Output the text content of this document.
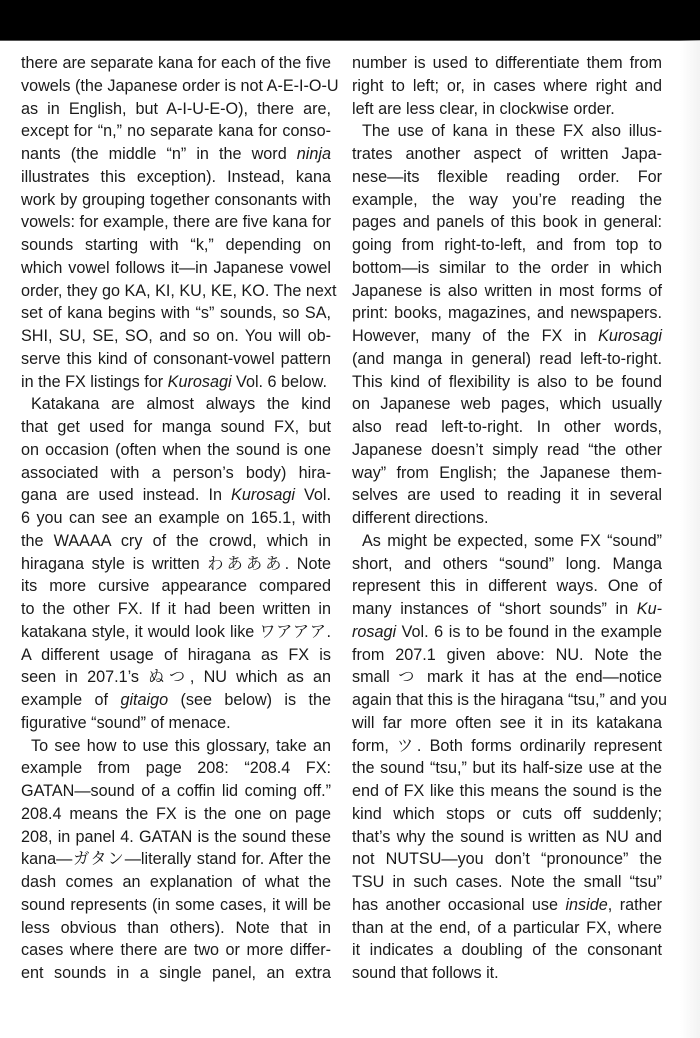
there are separate kana for each of the five
vowels (the Japanese order is not A-E-I-O-U
as in English, but A-I-U-E-O), there are,
except for “n,” no separate kana for conso-
nants (the middle “n” in the word ninja
illustrates this exception). Instead, kana
work by grouping together consonants with
vowels: for example, there are five kana for
sounds starting with “k,” depending on
which vowel follows it—in Japanese vowel
order, they go KA, KI, KU, KE, KO. The next
set of kana begins with “s” sounds, so SA,
SHI, SU, SE, SO, and so on. You will ob-
serve this kind of consonant-vowel pattern
in the FX listings for Kurosagi Vol. 6 below.
Katakana are almost always the kind
that get used for manga sound FX, but
on occasion (often when the sound is one
associated with a person’s body) hira-
gana are used instead. In Kurosagi Vol.
6 you can see an example on 165.1, with
the WAAAA cry of the crowd, which in
hiragana style is written わあああ. Note
its more cursive appearance compared
to the other FX. If it had been written in
katakana style, it would look like ワアアア.
A different usage of hiragana as FX is
seen in 207.1’s ぬつ, NU which as an
example of gitaigo (see below) is the
figurative “sound” of menace.
To see how to use this glossary, take an
example from page 208: “208.4 FX:
GATAN—sound of a coffin lid coming off.”
208.4 means the FX is the one on page
208, in panel 4. GATAN is the sound these
kana—ガタン—literally stand for. After the
dash comes an explanation of what the
sound represents (in some cases, it will be
less obvious than others). Note that in
cases where there are two or more differ-
ent sounds in a single panel, an extra
number is used to differentiate them from
right to left; or, in cases where right and
left are less clear, in clockwise order.
The use of kana in these FX also illus-
trates another aspect of written Japa-
nese—its flexible reading order. For
example, the way you’re reading the
pages and panels of this book in general:
going from right-to-left, and from top to
bottom—is similar to the order in which
Japanese is also written in most forms of
print: books, magazines, and newspapers.
However, many of the FX in Kurosagi
(and manga in general) read left-to-right.
This kind of flexibility is also to be found
on Japanese web pages, which usually
also read left-to-right. In other words,
Japanese doesn’t simply read “the other
way” from English; the Japanese them-
selves are used to reading it in several
different directions.
As might be expected, some FX “sound”
short, and others “sound” long. Manga
represent this in different ways. One of
many instances of “short sounds” in Ku-
rosagi Vol. 6 is to be found in the example
from 207.1 given above: NU. Note the
small つ mark it has at the end—notice
again that this is the hiragana “tsu,” and you
will far more often see it in its katakana
form, ツ. Both forms ordinarily represent
the sound “tsu,” but its half-size use at the
end of FX like this means the sound is the
kind which stops or cuts off suddenly;
that’s why the sound is written as NU and
not NUTSU—you don’t “pronounce” the
TSU in such cases. Note the small “tsu”
has another occasional use inside, rather
than at the end, of a particular FX, where
it indicates a doubling of the consonant
sound that follows it.
